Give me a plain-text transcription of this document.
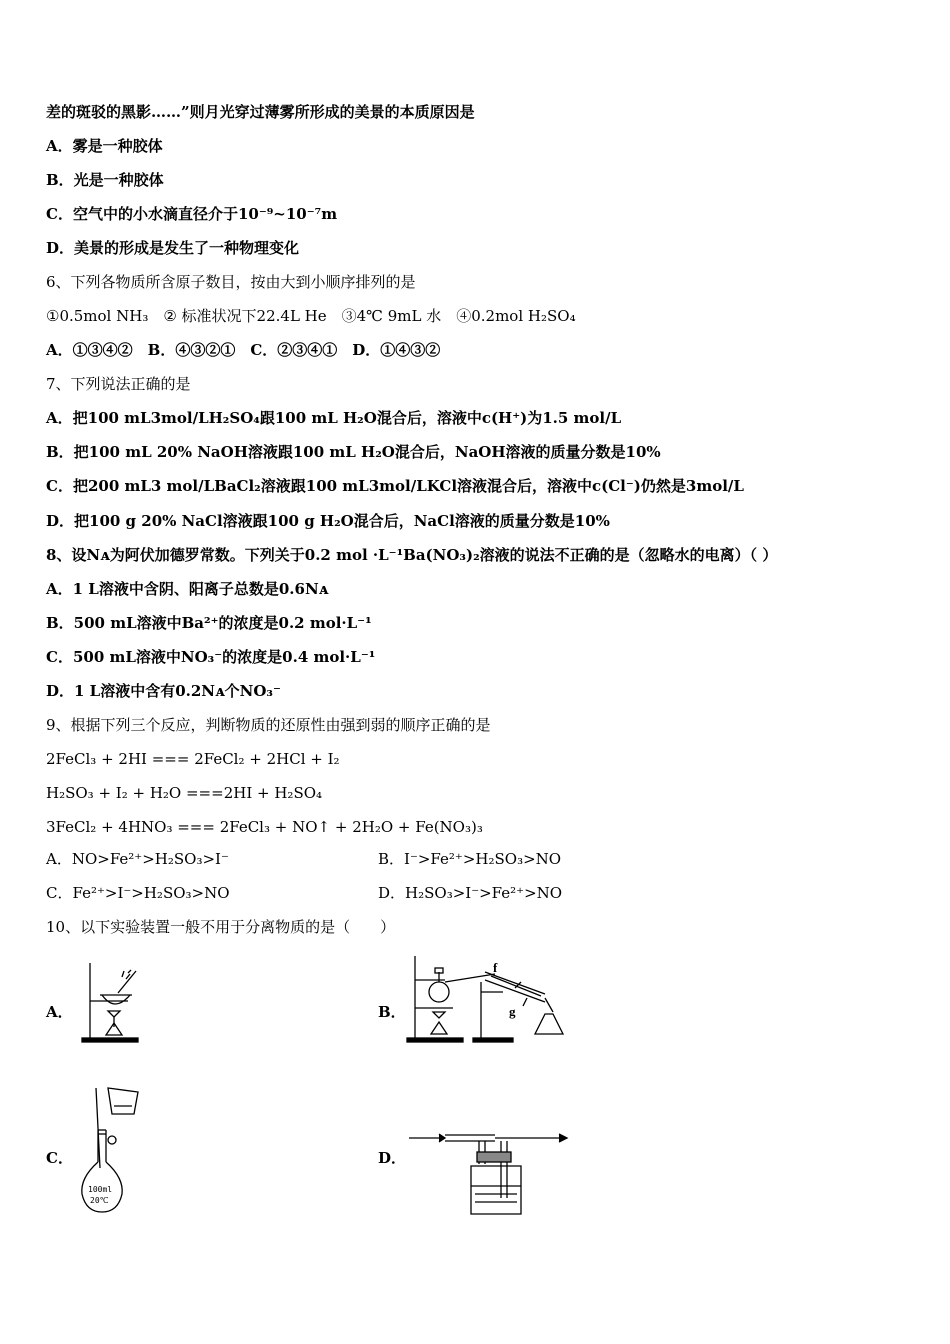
差的斑驳的黑影……”则月光穿过薄雾所形成的美景的本质原因是
A．雾是一种胶体
B．光是一种胶体
C．空气中的小水滴直径介于10⁻⁹~10⁻⁷m
D．美景的形成是发生了一种物理变化
6、下列各物质所含原子数目，按由大到小顺序排列的是
①0.5mol NH₃　② 标准状况下22.4L He　③4℃ 9mL 水　④0.2mol H₂SO₄
A．①③④②　B．④③②①　C．②③④①　D．①④③②
7、下列说法正确的是
A．把100 mL3mol/LH₂SO₄跟100 mL H₂O混合后，溶液中c(H⁺)为1.5 mol/L
B．把100 mL 20% NaOH溶液跟100 mL H₂O混合后，NaOH溶液的质量分数是10%
C．把200 mL3 mol/LBaCl₂溶液跟100 mL3mol/LKCl溶液混合后，溶液中c(Cl⁻)仍然是3mol/L
D．把100 g 20% NaCl溶液跟100 g H₂O混合后，NaCl溶液的质量分数是10%
8、设Nᴀ为阿伏加德罗常数。下列关于0.2 mol ·L⁻¹Ba(NO₃)₂溶液的说法不正确的是（忽略水的电离）（ ）
A．1 L溶液中含阴、阳离子总数是0.6Nᴀ
B．500 mL溶液中Ba²⁺的浓度是0.2 mol·L⁻¹
C．500 mL溶液中NO₃⁻的浓度是0.4 mol·L⁻¹
D．1 L溶液中含有0.2Nᴀ个NO₃⁻
9、根据下列三个反应，判断物质的还原性由强到弱的顺序正确的是
2FeCl₃ + 2HI === 2FeCl₂ + 2HCl + I₂
H₂SO₃ + I₂ + H₂O ===2HI + H₂SO₄
3FeCl₂ + 4HNO₃ === 2FeCl₃ + NO↑ + 2H₂O + Fe(NO₃)₃
A．NO>Fe²⁺>H₂SO₃>I⁻	B．I⁻>Fe²⁺>H₂SO₃>NO
C．Fe²⁺>I⁻>H₂SO₃>NO	D．H₂SO₃>I⁻>Fe²⁺>NO
10、以下实验装置一般不用于分离物质的是（　　）
A．	B．
C．	D．
f
g
100ml
20℃
